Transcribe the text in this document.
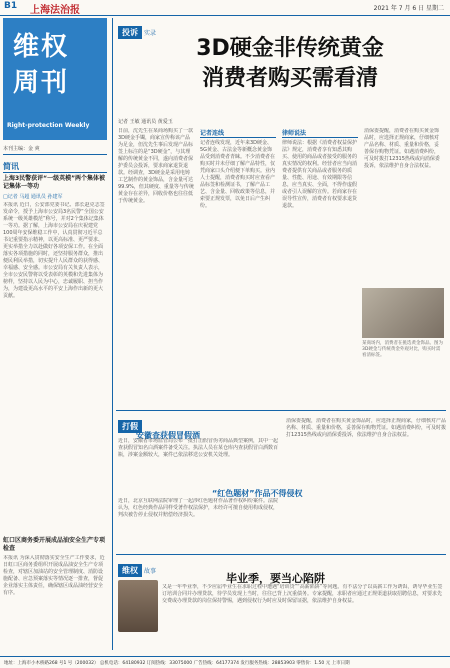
B1 上海法治报	2021 年 7 月 6 日 星期二
维权
周刊
Right-protection Weekly
本刊主编：金 爽
简讯
上海3民警获评“一级英模”两个集体被记集体一等功
□记者 马超 通讯员 孙建军
本报讯 近日，公安部党委书记、部长赵克志签发命令，授予上海市公安局3名民警“全国公安系统一级英雄模范”称号，并对2个集体记集体一等功。据了解，上海市公安局在庆祝建党100周年安保维稳工作中，认真贯彻习近平总书记重要指示精神，以更高标准、更严要求、更实举措全力以赴做好各项安保工作。在全面落实各项措施的同时，还坚持服务群众，推出便民利民举措，切实提升人民群众的获得感、幸福感、安全感。市公安局有关负责人表示，全市公安民警将以受表彰的英模和先进集体为榜样，坚持以人民为中心，忠诚履职、担当作为，为建设更高水平的平安上海作出新的更大贡献。
虹口区商务委开展成品油安全生产专项检查
本报讯 为深入贯彻落实安全生产工作要求，近日虹口区商务委组织开展成品油安全生产专项检查，对辖区加油站的安全管理制度、消防设施配备、应急预案落实等情况逐一排查，督促企业落实主体责任，确保辖区成品油经营安全有序。
投诉 实录
3D硬金非传统黄金
消费者购买需看清
记者 王敏 通讯员 黄爱玉
日前，沈先生在某商场购买了一款3D硬金手镯，商家宣传称该产品为足金，但沈先生事后发现产品标签上标注的是“3D硬金”，与其理解的传统黄金不同，遂向消费者保护委员会投诉，要求商家退货退款。经调查，3D硬金是采用电铸工艺制作的黄金饰品，含金量可达99.9%，但其硬度、重量等与传统黄金存在差异，回收价格也往往低于传统黄金。
记者连线
记者连线发现，近年来3D硬金、5G黄金、古法金等新概念黄金饰品受到消费者青睐。不少消费者在购买时并未仔细了解产品特性，仅凭商家口头介绍便下单购买。业内人士提醒，消费者购买时应查看产品标签和检测证书，了解产品工艺、含金量、回收政策等信息，并索要正规发票，以免日后产生纠纷。
律师说法
律师说法：根据《消费者权益保护法》规定，消费者享有知悉其购买、使用的商品或者接受的服务的真实情况的权利。经营者应当向消费者提供有关商品或者服务的质量、性能、用途、有效期限等信息，应当真实、全面，不得作虚假或者引人误解的宣传。若商家存在误导性宣传，消费者有权要求退货退款。
消保委提醒，消费者在购买黄金饰品时，应选择正规商家，仔细核对产品名称、材质、重量和价格，妥善保存购物凭证。如遇消费纠纷，可及时拨打12315热线或向消保委投诉，依法维护自身合法权益。
某商场内，消费者在挑选黄金饰品。图为3D硬金与传统黄金外观对比，购买时需看清标签。
打假
安徽查获假冒假酒
近日，安徽省市场监管局公布一批打击假冒伪劣商品典型案例，其中一起查获假冒知名白酒案件备受关注。执法人员在某仓库内查获假冒白酒数百瓶，涉案金额较大，案件已依法移送公安机关处理。
“红色题材”作品不得侵权
近日，北京互联网法院审理了一起涉红色题材作品著作权纠纷案件。法院认为，红色经典作品同样受著作权法保护，未经许可擅自使用构成侵权，判决被告停止侵权并赔偿经济损失。
消保委提醒，消费者在购买黄金饰品时，应选择正规商家，仔细核对产品名称、材质、重量和价格，妥善保存购物凭证。如遇消费纠纷，可及时拨打12315热线或向消保委投诉，依法维护自身合法权益。
维权 故事
毕业季，要当心陷阱
又是一年毕业季，不少应届毕业生在求职过程中遭遇“培训贷”“高薪陷阱”等问题。有不法分子以高薪工作为诱饵，诱导毕业生签订培训合同并办理贷款，待学员发现上当时，往往已背上沉重债务。专家提醒，求职者应通过正规渠道获取招聘信息，对要求先交费或办理贷款的岗位保持警惕，遇到侵权行为时应及时保留证据，依法维护自身权益。
地址：上海市小木桥路268 号1 号（200032） 总机电话：64180932 订阅热线：33075000 广告热线：64177374 发行服务热线：28853903 零售价：1.50 元 上市日期
